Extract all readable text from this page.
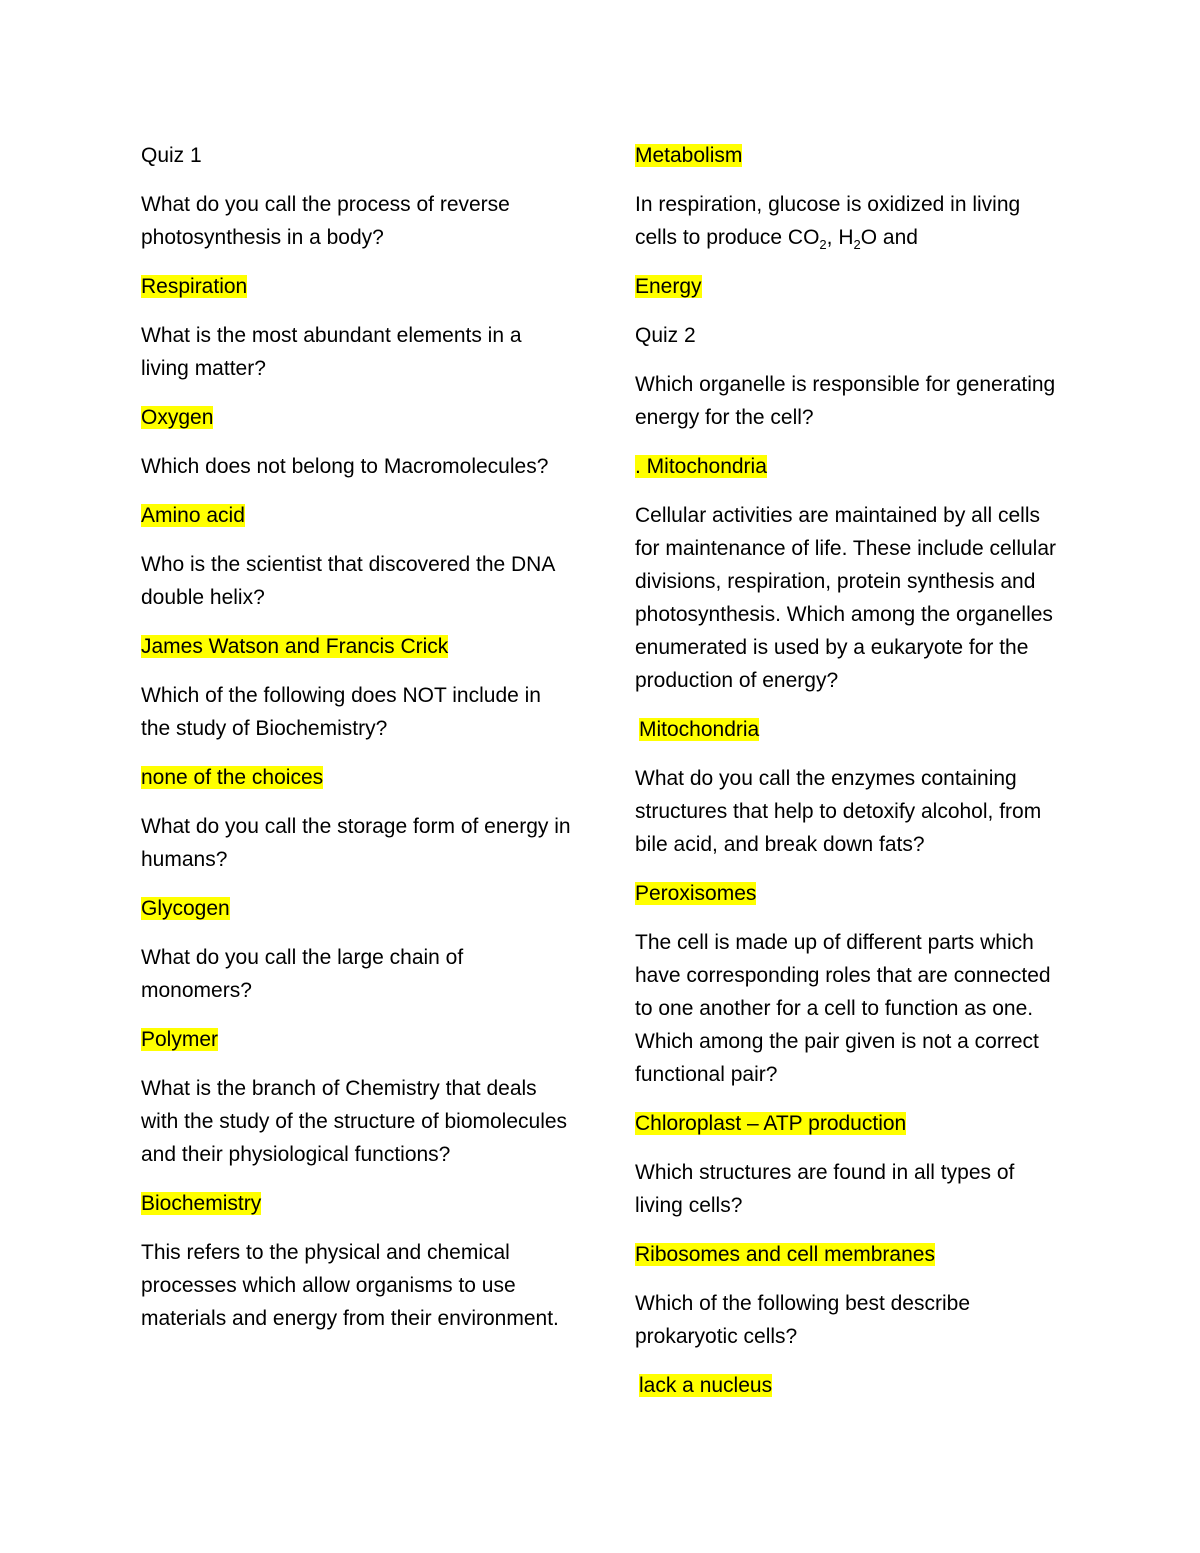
Quiz 1

What do you call the process of reverse photosynthesis in a body?

Respiration

What is the most abundant elements in a living matter?

Oxygen

Which does not belong to Macromolecules?

Amino acid

Who is the scientist that discovered the DNA double helix?

James Watson and Francis Crick

Which of the following does NOT include in the study of Biochemistry?

none of the choices

What do you call the storage form of energy in humans?

Glycogen

What do you call the large chain of monomers?

Polymer

What is the branch of Chemistry that deals with the study of the structure of biomolecules and their physiological functions?

Biochemistry

This refers to the physical and chemical processes which allow organisms to use materials and energy from their environment.

Metabolism

In respiration, glucose is oxidized in living cells to produce $CO_2$, $H_2O$ and

Energy

Quiz 2

Which organelle is responsible for generating energy for the cell?

. Mitochondria

Cellular activities are maintained by all cells for maintenance of life. These include cellular divisions, respiration, protein synthesis and photosynthesis. Which among the organelles enumerated is used by a eukaryote for the production of energy?

Mitochondria

What do you call the enzymes containing structures that help to detoxify alcohol, from bile acid, and break down fats?

Peroxisomes

The cell is made up of different parts which have corresponding roles that are connected to one another for a cell to function as one. Which among the pair given is not a correct functional pair?

Chloroplast – ATP production

Which structures are found in all types of living cells?

Ribosomes and cell membranes

Which of the following best describe prokaryotic cells?

lack a nucleus
